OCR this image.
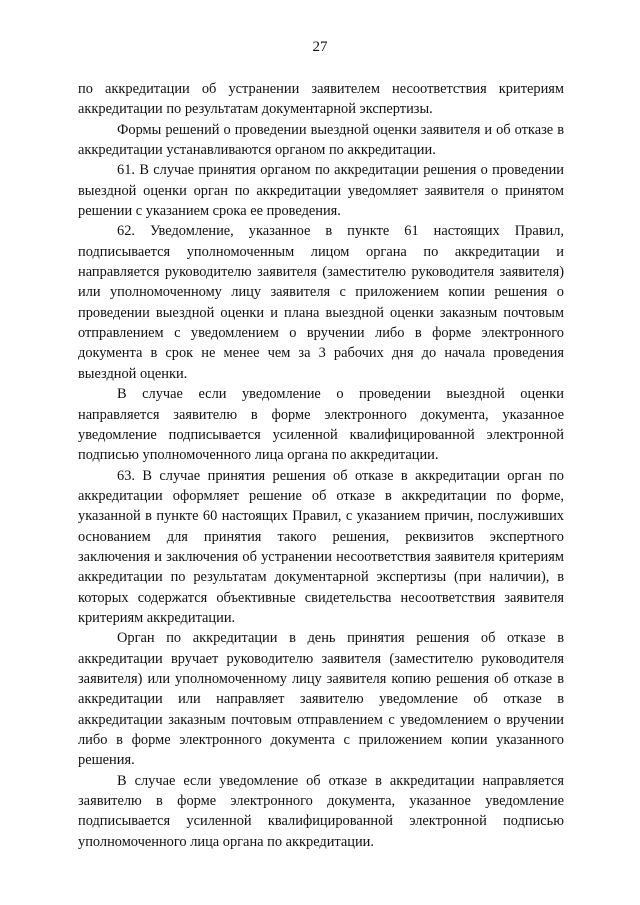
27

по аккредитации об устранении заявителем несоответствия критериям аккредитации по результатам документарной экспертизы.

Формы решений о проведении выездной оценки заявителя и об отказе в аккредитации устанавливаются органом по аккредитации.

61. В случае принятия органом по аккредитации решения о проведении выездной оценки орган по аккредитации уведомляет заявителя о принятом решении с указанием срока ее проведения.

62. Уведомление, указанное в пункте 61 настоящих Правил, подписывается уполномоченным лицом органа по аккредитации и направляется руководителю заявителя (заместителю руководителя заявителя) или уполномоченному лицу заявителя с приложением копии решения о проведении выездной оценки и плана выездной оценки заказным почтовым отправлением с уведомлением о вручении либо в форме электронного документа в срок не менее чем за 3 рабочих дня до начала проведения выездной оценки.

В случае если уведомление о проведении выездной оценки направляется заявителю в форме электронного документа, указанное уведомление подписывается усиленной квалифицированной электронной подписью уполномоченного лица органа по аккредитации.

63. В случае принятия решения об отказе в аккредитации орган по аккредитации оформляет решение об отказе в аккредитации по форме, указанной в пункте 60 настоящих Правил, с указанием причин, послуживших основанием для принятия такого решения, реквизитов экспертного заключения и заключения об устранении несоответствия заявителя критериям аккредитации по результатам документарной экспертизы (при наличии), в которых содержатся объективные свидетельства несоответствия заявителя критериям аккредитации.

Орган по аккредитации в день принятия решения об отказе в аккредитации вручает руководителю заявителя (заместителю руководителя заявителя) или уполномоченному лицу заявителя копию решения об отказе в аккредитации или направляет заявителю уведомление об отказе в аккредитации заказным почтовым отправлением с уведомлением о вручении либо в форме электронного документа с приложением копии указанного решения.

В случае если уведомление об отказе в аккредитации направляется заявителю в форме электронного документа, указанное уведомление подписывается усиленной квалифицированной электронной подписью уполномоченного лица органа по аккредитации.
